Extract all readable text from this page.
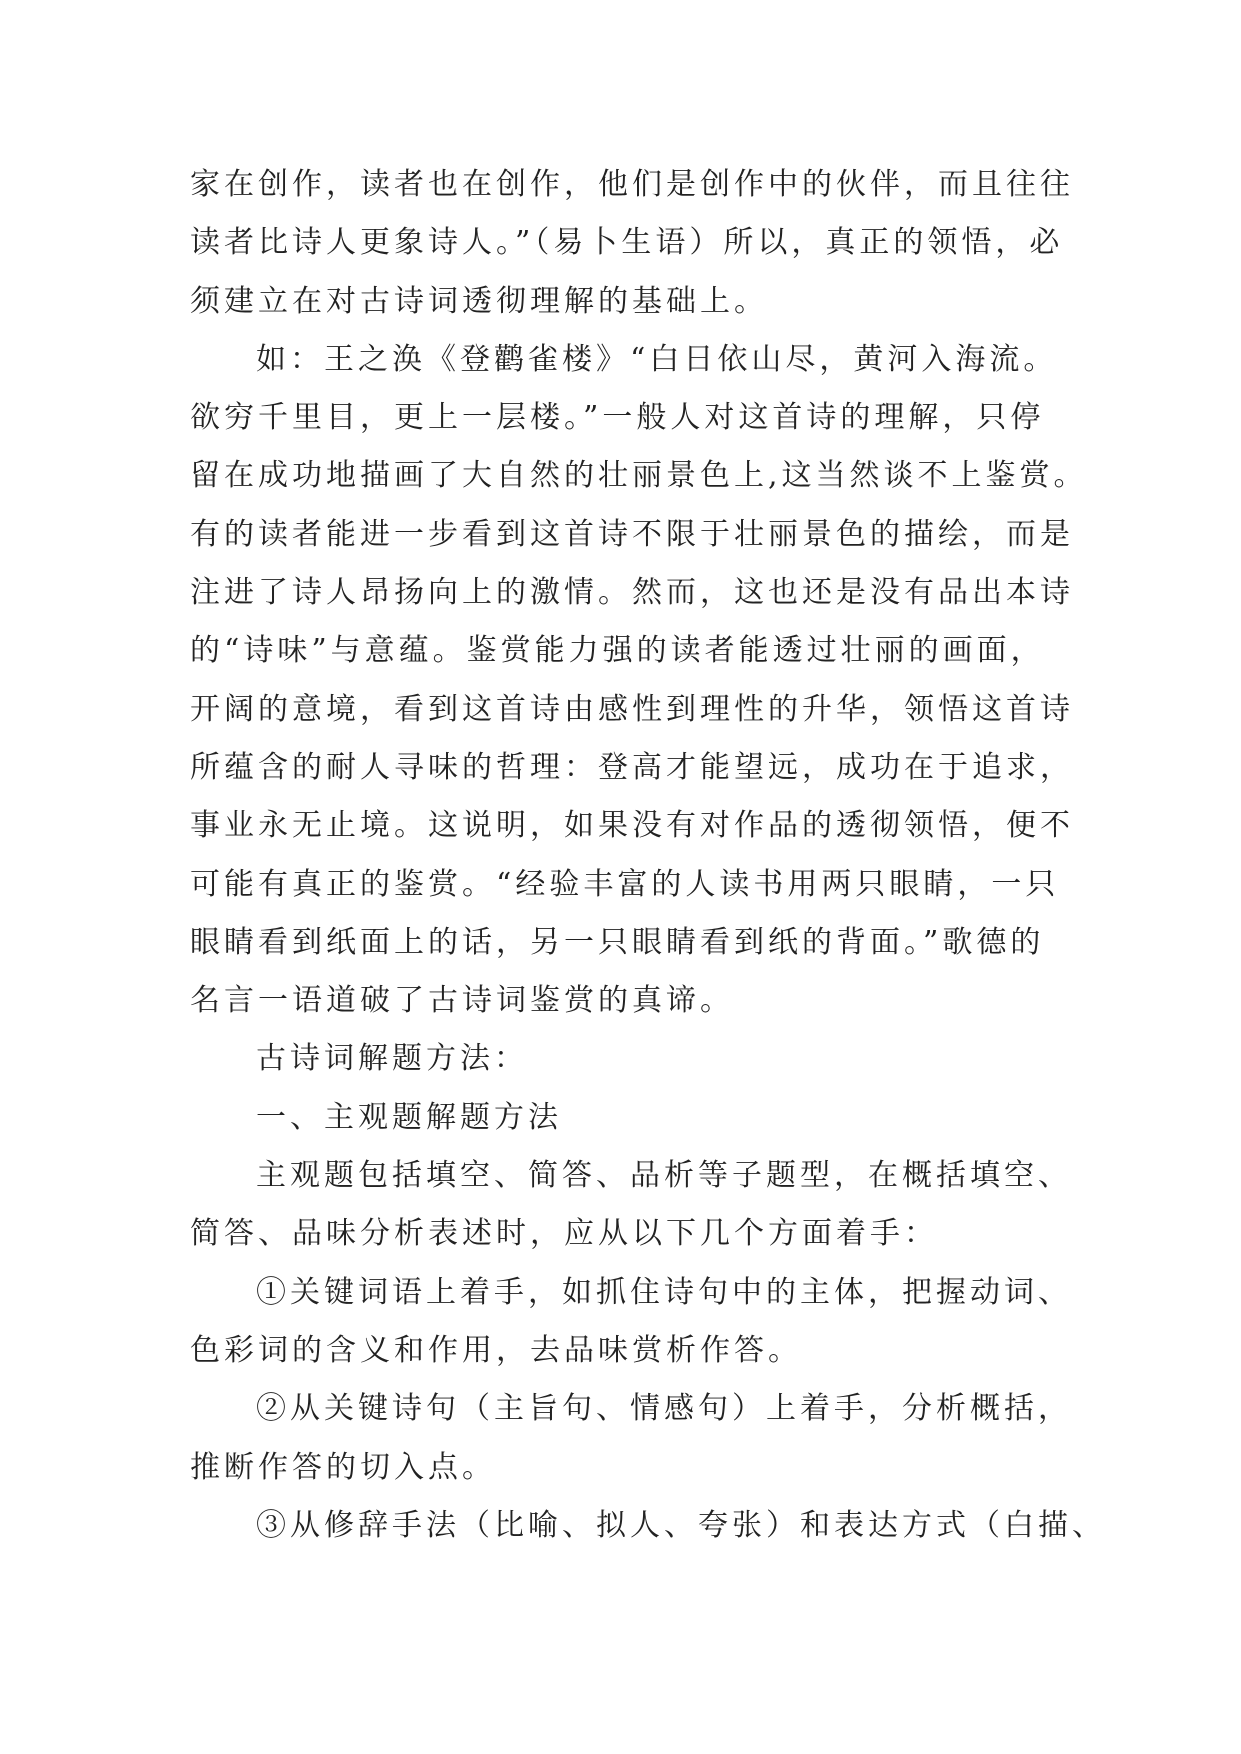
家在创作，读者也在创作，他们是创作中的伙伴，而且往往
读者比诗人更象诗人。”（易卜生语）所以，真正的领悟，必
须建立在对古诗词透彻理解的基础上。
如：王之涣《登鹳雀楼》“白日依山尽，黄河入海流。
欲穷千里目，更上一层楼。”一般人对这首诗的理解，只停
留在成功地描画了大自然的壮丽景色上,这当然谈不上鉴赏。
有的读者能进一步看到这首诗不限于壮丽景色的描绘，而是
注进了诗人昂扬向上的激情。然而，这也还是没有品出本诗
的“诗味”与意蕴。鉴赏能力强的读者能透过壮丽的画面，
开阔的意境，看到这首诗由感性到理性的升华，领悟这首诗
所蕴含的耐人寻味的哲理：登高才能望远，成功在于追求，
事业永无止境。这说明，如果没有对作品的透彻领悟，便不
可能有真正的鉴赏。“经验丰富的人读书用两只眼睛，一只
眼睛看到纸面上的话，另一只眼睛看到纸的背面。”歌德的
名言一语道破了古诗词鉴赏的真谛。
古诗词解题方法：
一、主观题解题方法
主观题包括填空、简答、品析等子题型，在概括填空、
简答、品味分析表述时，应从以下几个方面着手：
①关键词语上着手，如抓住诗句中的主体，把握动词、
色彩词的含义和作用，去品味赏析作答。
②从关键诗句（主旨句、情感句）上着手，分析概括，
推断作答的切入点。
③从修辞手法（比喻、拟人、夸张）和表达方式（白描、
